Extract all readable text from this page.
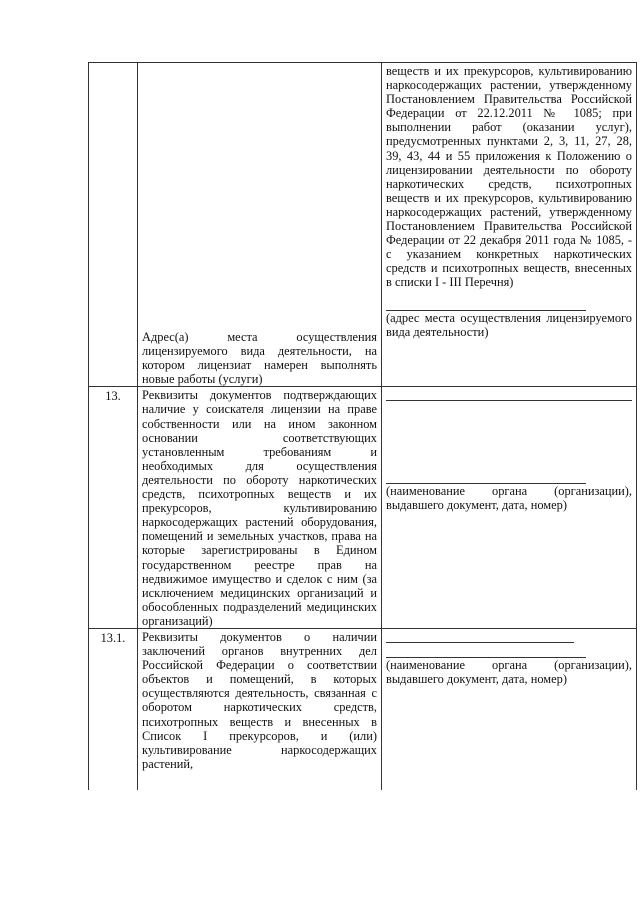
	Адрес(а) места осуществления лицензируемого вида деятельности, на котором лицензиат намерен выполнять новые работы (услуги)	веществ и их прекурсоров, культивированию наркосодержащих растении, утвержденному Постановлением Правительства Российской Федерации от 22.12.2011 № 1085; при выполнении работ (оказании услуг), предусмотренных пунктами 2, 3, 11, 27, 28, 39, 43, 44 и 55 приложения к Положению о лицензировании деятельности по обороту наркотических средств, психотропных веществ и их прекурсоров, культивированию наркосодержащих растений, утвержденному Постановлением Правительства Российской Федерации от 22 декабря 2011 года № 1085, - с указанием конкретных наркотических средств и психотропных веществ, внесенных в списки I - III Перечня)
(адрес места осуществления лицензируемого вида деятельности)

13.	Реквизиты документов подтверждающих наличие у соискателя лицензии на праве собственности или на ином законном основании соответствующих установленным требованиям и необходимых для осуществления деятельности по обороту наркотических средств, психотропных веществ и их прекурсоров, культивированию наркосодержащих растений оборудования, помещений и земельных участков, права на которые зарегистрированы в Едином государственном реестре прав на недвижимое имущество и сделок с ним (за исключением медицинских организаций и обособленных подразделений медицинских организаций)	(наименование органа (организации), выдавшего документ, дата, номер)

13.1.	Реквизиты документов о наличии заключений органов внутренних дел Российской Федерации о соответствии объектов и помещений, в которых осуществляются деятельность, связанная с оборотом наркотических средств, психотропных веществ и внесенных в Список I прекурсоров, и (или) культивирование наркосодержащих растений,	(наименование органа (организации), выдавшего документ, дата, номер)
